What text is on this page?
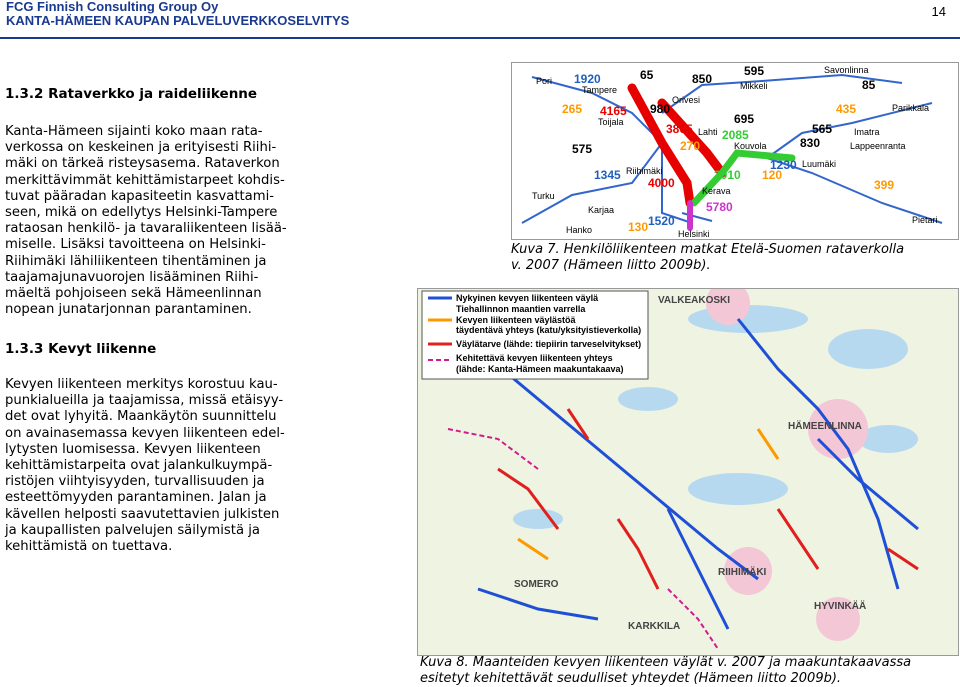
FCG Finnish Consulting Group Oy
KANTA-HÄMEEN KAUPAN PALVELUVERKKOSELVITYS
14
1.3.2 Rataverkko ja raideliikenne

Kanta-Hämeen sijainti koko maan rata-
verkossa on keskeinen ja erityisesti Riihi-
mäki on tärkeä risteysasema. Rataverkon
merkittävimmät kehittämistarpeet kohdis-
tuvat pääradan kapasiteetin kasvattami-
seen, mikä on edellytys Helsinki-Tampere
rataosan henkilö- ja tavaraliikenteen lisää-
miselle. Lisäksi tavoitteena on Helsinki-
Riihimäki lähiliikenteen tihentäminen ja
taajamajunavuorojen lisääminen Riihi-
mäeltä pohjoiseen sekä Hämeenlinnan
nopean junatarjonnan parantaminen.

1.3.3 Kevyt liikenne

Kevyen liikenteen merkitys korostuu kau-
punkialueilla ja taajamissa, missä etäisyy-
det ovat lyhyitä. Maankäytön suunnittelu
on avainasemassa kevyen liikenteen edel-
lytysten luomisessa. Kevyen liikenteen
kehittämistarpeita ovat jalankulkuympä-
ristöjen viihtyisyyden, turvallisuuden ja
esteettömyyden parantaminen. Jalan ja
kävellen helposti saavutettavien julkisten
ja kaupallisten palvelujen säilymistä ja
kehittämistä on tuettava.

Pori
Tampere
Toijala
Orivesi
Mikkeli
Savonlinna
Parikkala
Imatra
Lappeenranta
Lahti
Kouvola
Luumäki
Riihimäki
Kerava
Karjaa
Turku
Hanko	Helsinki
Pietari
1920	65	850
595
85
265 4165 980	435
575
3805
695
565
270
2085
830
1230
1345
4000
2010 120
399
5780
130 1520

Kuva 7. Henkilöliikenteen matkat Etelä-Suomen rataverkolla
v. 2007 (Hämeen liitto 2009b).

Nykyinen kevyen liikenteen väylä
Tiehallinnon maantien varrella
Kevyen liikenteen väylästöä
täydentävä yhteys (katu/yksityistieverkolla)
Väylätarve (lähde: tiepiirin tarveselvitykset)
Kehitettävä kevyen liikenteen yhteys
(lähde: Kanta-Hämeen maakuntakaava)
VALKEAKOSKI
HÄMEENLINNA
SOMERO
RIIHIMÄKI
HYVINKÄÄ
KARKKILA

Kuva 8. Maanteiden kevyen liikenteen väylät v. 2007 ja maakuntakaavassa
esitetyt kehitettävät seudulliset yhteydet (Hämeen liitto 2009b).
